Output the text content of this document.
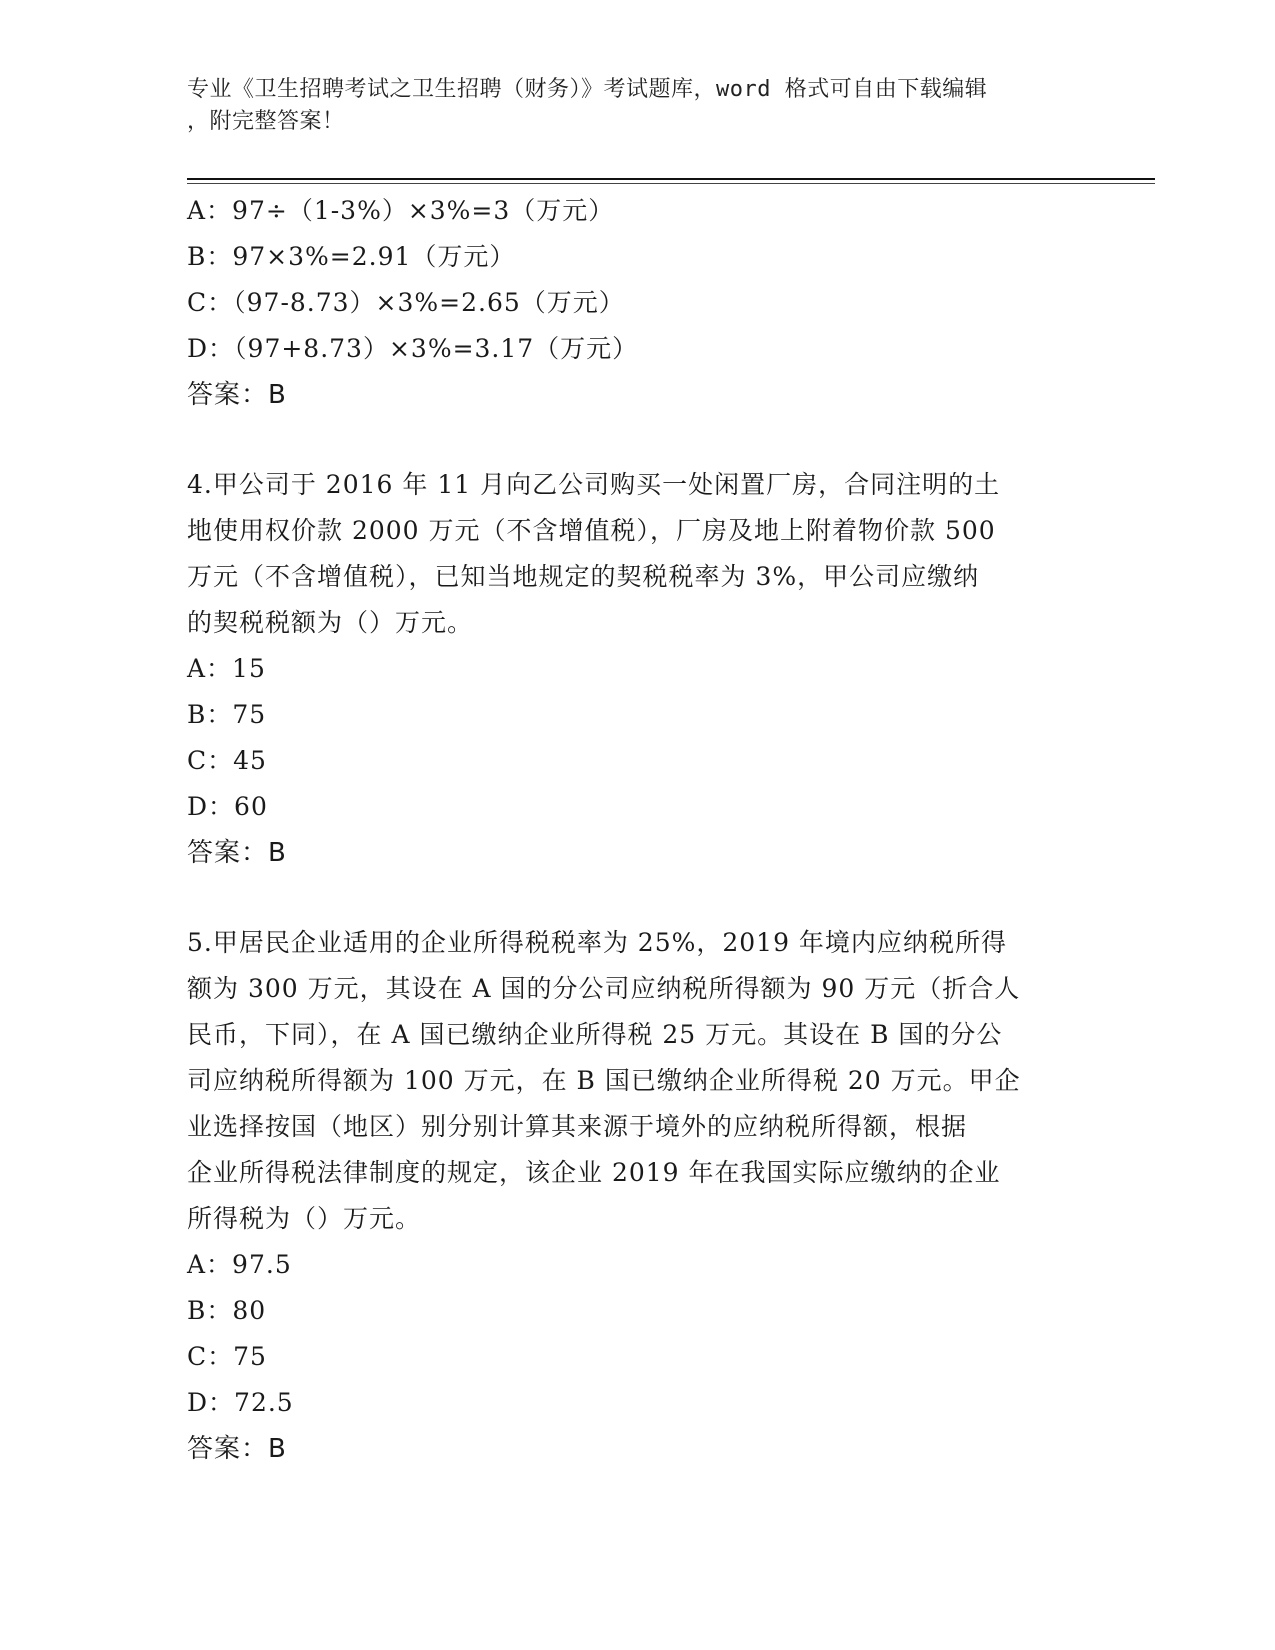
专业《卫生招聘考试之卫生招聘（财务）》考试题库，word 格式可自由下载编辑
，附完整答案！
A：97÷（1-3%）×3%=3（万元）
B：97×3%=2.91（万元）
C：（97-8.73）×3%=2.65（万元）
D：（97+8.73）×3%=3.17（万元）
答案：B
4.甲公司于 2016 年 11 月向乙公司购买一处闲置厂房，合同注明的土
地使用权价款 2000 万元（不含增值税），厂房及地上附着物价款 500
万元（不含增值税），已知当地规定的契税税率为 3%，甲公司应缴纳
的契税税额为（）万元。
A：15
B：75
C：45
D：60
答案：B
5.甲居民企业适用的企业所得税税率为 25%，2019 年境内应纳税所得
额为 300 万元，其设在 A 国的分公司应纳税所得额为 90 万元（折合人
民币，下同），在 A 国已缴纳企业所得税 25 万元。其设在 B 国的分公
司应纳税所得额为 100 万元，在 B 国已缴纳企业所得税 20 万元。甲企
业选择按国（地区）别分别计算其来源于境外的应纳税所得额，根据
企业所得税法律制度的规定，该企业 2019 年在我国实际应缴纳的企业
所得税为（）万元。
A：97.5
B：80
C：75
D：72.5
答案：B
